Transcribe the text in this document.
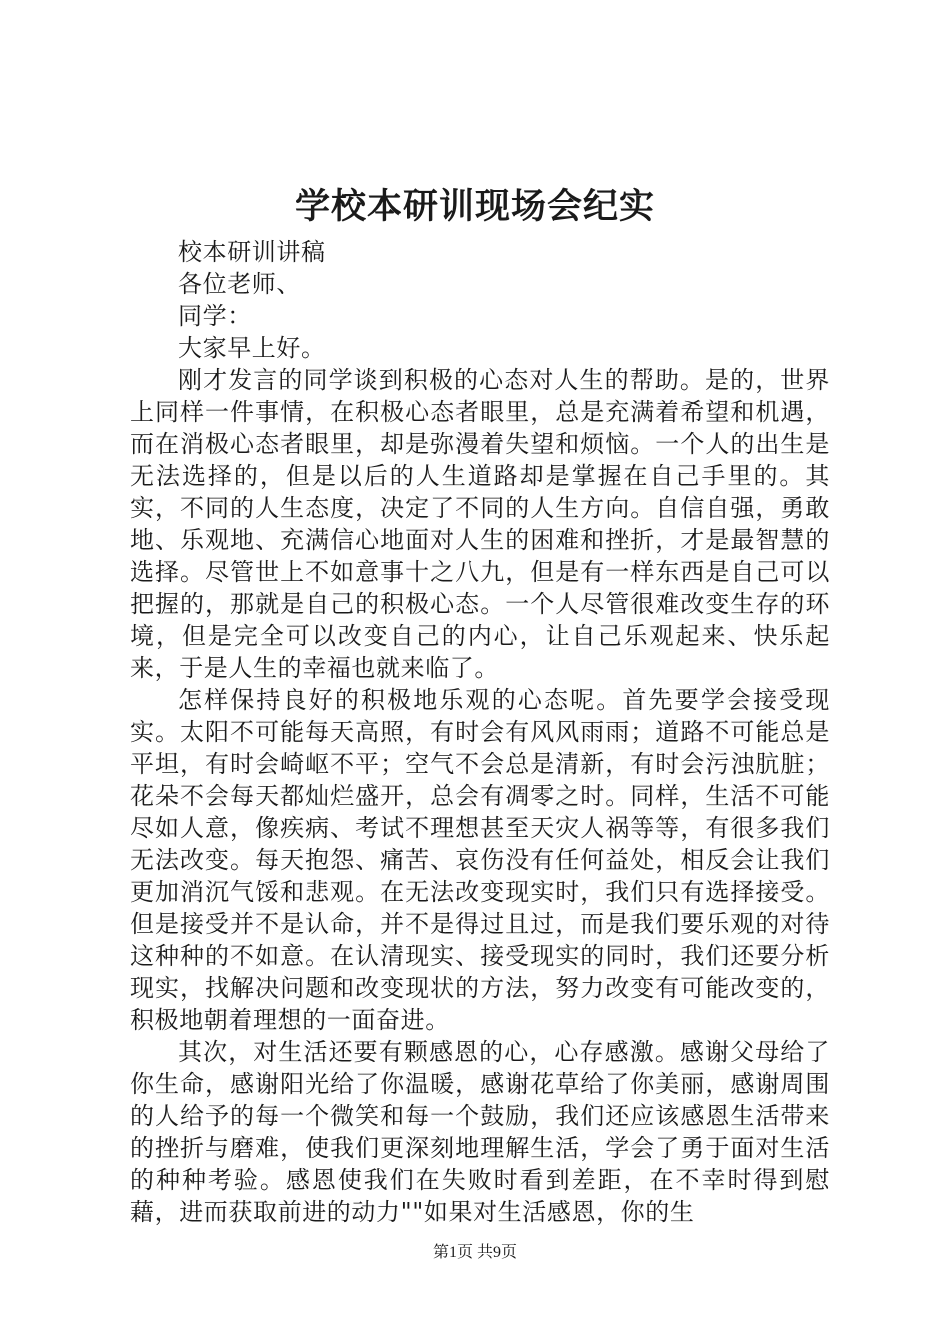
学校本研训现场会纪实

校本研训讲稿

各位老师、

同学：

大家早上好。

刚才发言的同学谈到积极的心态对人生的帮助。是的，世界上同样一件事情，在积极心态者眼里，总是充满着希望和机遇，而在消极心态者眼里，却是弥漫着失望和烦恼。一个人的出生是无法选择的，但是以后的人生道路却是掌握在自己手里的。其实，不同的人生态度，决定了不同的人生方向。自信自强，勇敢地、乐观地、充满信心地面对人生的困难和挫折，才是最智慧的选择。尽管世上不如意事十之八九，但是有一样东西是自己可以把握的，那就是自己的积极心态。一个人尽管很难改变生存的环境，但是完全可以改变自己的内心，让自己乐观起来、快乐起来，于是人生的幸福也就来临了。

怎样保持良好的积极地乐观的心态呢。首先要学会接受现实。太阳不可能每天高照，有时会有风风雨雨；道路不可能总是平坦，有时会崎岖不平；空气不会总是清新，有时会污浊肮脏；花朵不会每天都灿烂盛开，总会有凋零之时。同样，生活不可能尽如人意，像疾病、考试不理想甚至天灾人祸等等，有很多我们无法改变。每天抱怨、痛苦、哀伤没有任何益处，相反会让我们更加消沉气馁和悲观。在无法改变现实时，我们只有选择接受。但是接受并不是认命，并不是得过且过，而是我们要乐观的对待这种种的不如意。在认清现实、接受现实的同时，我们还要分析现实，找解决问题和改变现状的方法，努力改变有可能改变的，积极地朝着理想的一面奋进。

其次，对生活还要有颗感恩的心，心存感激。感谢父母给了你生命，感谢阳光给了你温暖，感谢花草给了你美丽，感谢周围的人给予的每一个微笑和每一个鼓励，我们还应该感恩生活带来的挫折与磨难，使我们更深刻地理解生活，学会了勇于面对生活的种种考验。感恩使我们在失败时看到差距，在不幸时得到慰藉，进而获取前进的动力""如果对生活感恩，你的生

第1页 共9页
